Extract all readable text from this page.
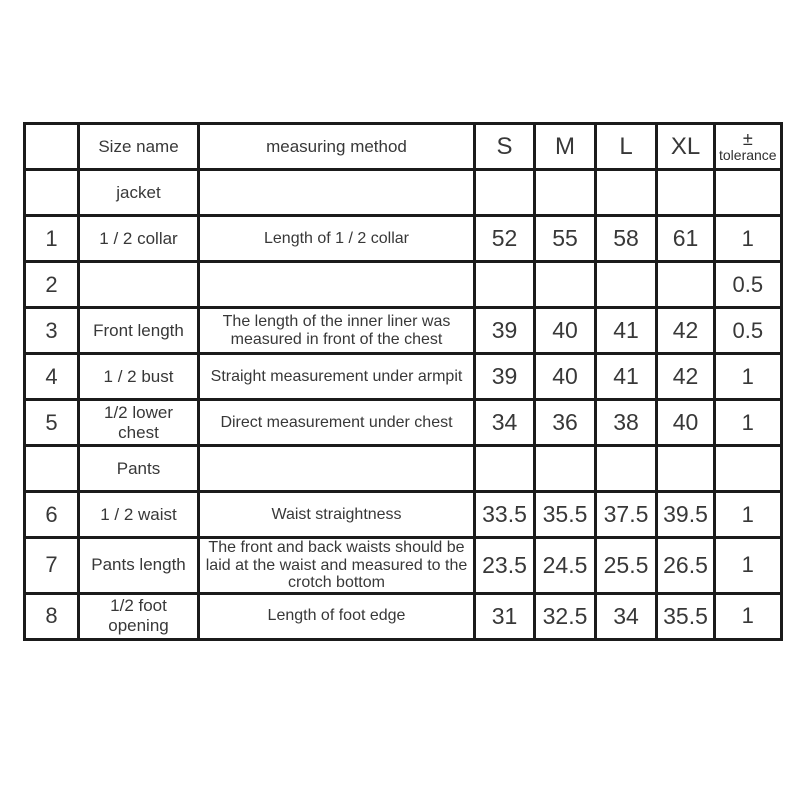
	Size name	measuring method	S	M	L	XL	±
tolerance

	jacket						
1	1 / 2 collar	Length of 1 / 2 collar	52	55	58	61	1
2							0.5
3	Front length	The length of the inner liner was measured in front of the chest	39	40	41	42	0.5
4	1 / 2 bust	Straight measurement under armpit	39	40	41	42	1
5	1/2 lower chest	Direct measurement under chest	34	36	38	40	1
	Pants						
6	1 / 2 waist	Waist straightness	33.5	35.5	37.5	39.5	1
7	Pants length	The front and back waists should be laid at the waist and measured to the crotch bottom	23.5	24.5	25.5	26.5	1
8	1/2 foot opening	Length of foot edge	31	32.5	34	35.5	1
